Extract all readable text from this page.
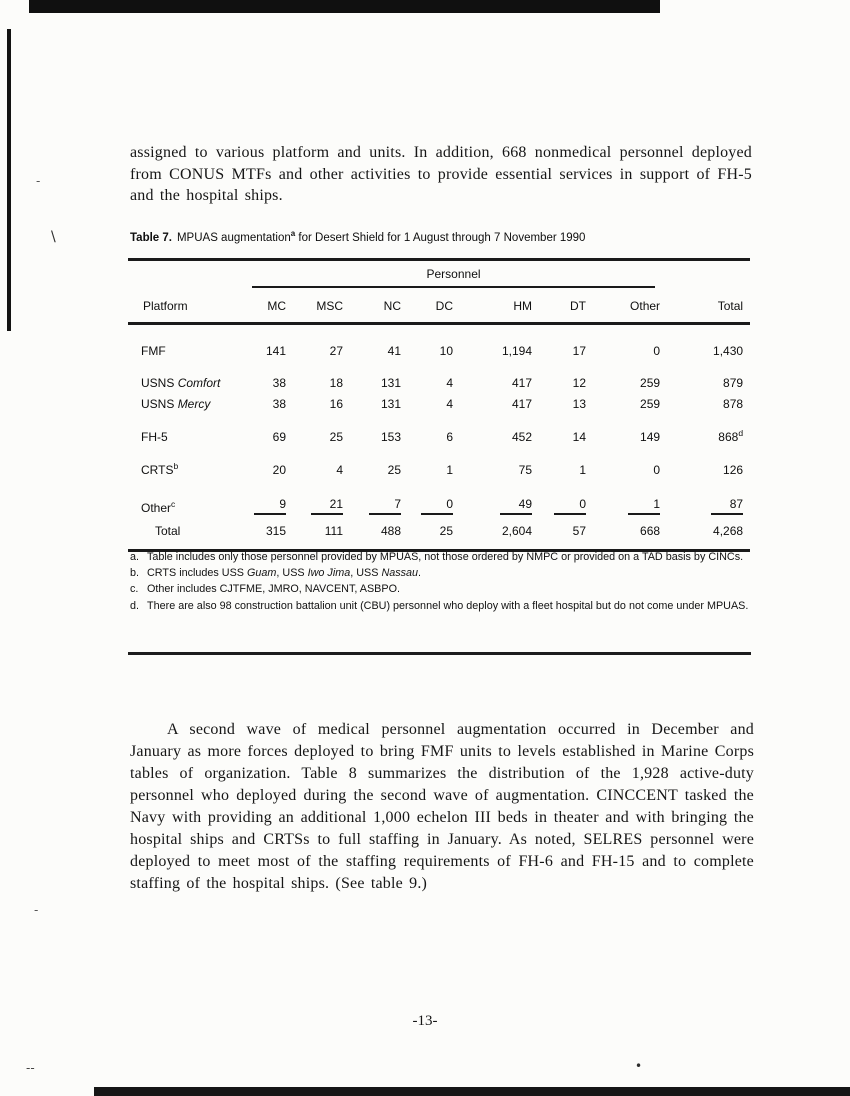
\
•
-
-
--

assigned to various platform and units. In addition, 668 nonmedical personnel deployed from CONUS MTFs and other activities to provide essential services in support of FH-5 and the hospital ships.

Table 7. MPUAS augmentation$^a$ for Desert Shield for 1 August through 7 November 1990

	Personnel							

Platform	MC	MSC	NC	DC	HM	DT	Other	Total
FMF	141	27	41	10	1,194	17	0	1,430
USNS Comfort	38	18	131	4	417	12	259	879
USNS Mercy	38	16	131	4	417	13	259	878
FH-5	69	25	153	6	452	14	149	868$^d$
CRTS$^b$	20	4	25	1	75	1	0	126
Other$^c$	9	21	7	0	49	0	1	87
Total	315	111	488	25	2,604	57	668	4,268
a. Table includes only those personnel provided by MPUAS, not those ordered by NMPC or provided on a TAD basis by CINCs.
b. CRTS includes USS Guam, USS Iwo Jima, USS Nassau.
c. Other includes CJTFME, JMRO, NAVCENT, ASBPO.
d. There are also 98 construction battalion unit (CBU) personnel who deploy with a fleet hospital but do not come under MPUAS.

A second wave of medical personnel augmentation occurred in December and January as more forces deployed to bring FMF units to levels established in Marine Corps tables of organization. Table 8 summarizes the distribution of the 1,928 active-duty personnel who deployed during the second wave of augmentation. CINCCENT tasked the Navy with providing an additional 1,000 echelon III beds in theater and with bringing the hospital ships and CRTSs to full staffing in January. As noted, SELRES personnel were deployed to meet most of the staffing requirements of FH-6 and FH-15 and to complete staffing of the hospital ships. (See table 9.)

-13-
